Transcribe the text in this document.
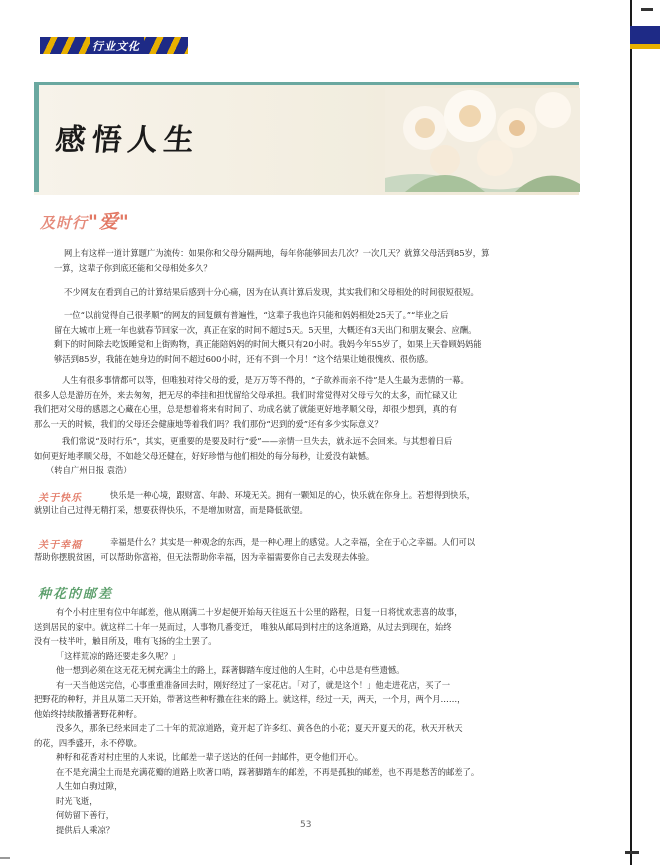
行业文化
感悟人生
及时行"爱"
网上有这样一道计算题广为流传：如果你和父母分隔两地，每年你能够回去几次？一次几天？就算父母活到85岁，算
一算，这辈子你到底还能和父母相处多久？
不少网友在看到自己的计算结果后感到十分心痛，因为在认真计算后发现，其实我们和父母相处的时间很短很短。
一位“以前觉得自己很孝顺”的网友的回复颇有普遍性，“这辈子我也许只能和妈妈相处25天了。”“毕业之后
留在大城市上班一年也就春节回家一次，真正在家的时间不超过5天。5天里，大概还有3天出门和朋友聚会、应酬。
剩下的时间除去吃饭睡觉和上街购物，真正能陪妈妈的时间大概只有20小时。我妈今年55岁了，如果上天眷顾妈妈能
够活到85岁，我能在她身边的时间不超过600小时，还有不到一个月！”这个结果让她很愧疚、很伤感。
人生有很多事情都可以等，但唯独对待父母的爱，是万万等不得的，“子欲养而亲不待”是人生最为悲情的一幕。
很多人总是游历在外，来去匆匆，把无尽的牵挂和担忧留给父母承担。我们时常觉得对父母亏欠的太多，而忙碌又让
我们把对父母的感恩之心藏在心里，总是想着将来有时间了、功成名就了就能更好地孝顺父母，却很少想到，真的有
那么一天的时候，我们的父母还会健康地等着我们吗？我们那份“迟到的爱”还有多少实际意义？
我们常说“及时行乐”，其实，更重要的是要及时行“爱”——亲情一旦失去，就永远不会回来。与其想着日后
如何更好地孝顺父母，不如趁父母还健在，好好珍惜与他们相处的每分每秒，让爱没有缺憾。
（转自广州日报 袁浩）
关于快乐	快乐是一种心境，跟财富、年龄、环境无关。拥有一颗知足的心，快乐就在你身上。若想得到快乐，
就别让自己过得无精打采，想要获得快乐，不是增加财富，而是降低欲望。
关于幸福	幸福是什么？其实是一种观念的东西，是一种心理上的感觉。人之幸福，全在于心之幸福。人们可以
帮助你摆脱贫困，可以帮助你富裕，但无法帮助你幸福，因为幸福需要你自己去发现去体验。
种花的邮差
有个小村庄里有位中年邮差，他从刚满二十岁起便开始每天往返五十公里的路程，日复一日将忧欢悲喜的故事，
送到居民的家中。就这样二十年一晃而过，人事物几番变迁， 唯独从邮局到村庄的这条道路，从过去到现在，始终
没有一枝半叶，触目所及，唯有飞扬的尘土罢了。
「这样荒凉的路还要走多久呢？」
他一想到必须在这无花无树充满尘土的路上，踩著脚踏车度过他的人生时，心中总是有些遗憾。
有一天当他送完信，心事重重准备回去时，刚好经过了一家花店。「对了，就是这个！」他走进花店，买了一
把野花的种籽，并且从第二天开始，带著这些种籽撒在往来的路上。就这样，经过一天，两天，一个月，两个月……，
他始终持续散播著野花种籽。
没多久，那条已经来回走了二十年的荒凉道路，竟开起了许多红、黄各色的小花；夏天开夏天的花，秋天开秋天
的花，四季盛开，永不停歇。
种籽和花香对村庄里的人来说，比邮差一辈子送达的任何一封邮件，更令他们开心。
在不是充满尘土而是充满花瓣的道路上吹著口哨，踩著脚踏车的邮差，不再是孤独的邮差，也不再是愁苦的邮差了。
人生如白驹过隙，
时光飞逝，
何妨留下善行，
提供后人乘凉？	53
